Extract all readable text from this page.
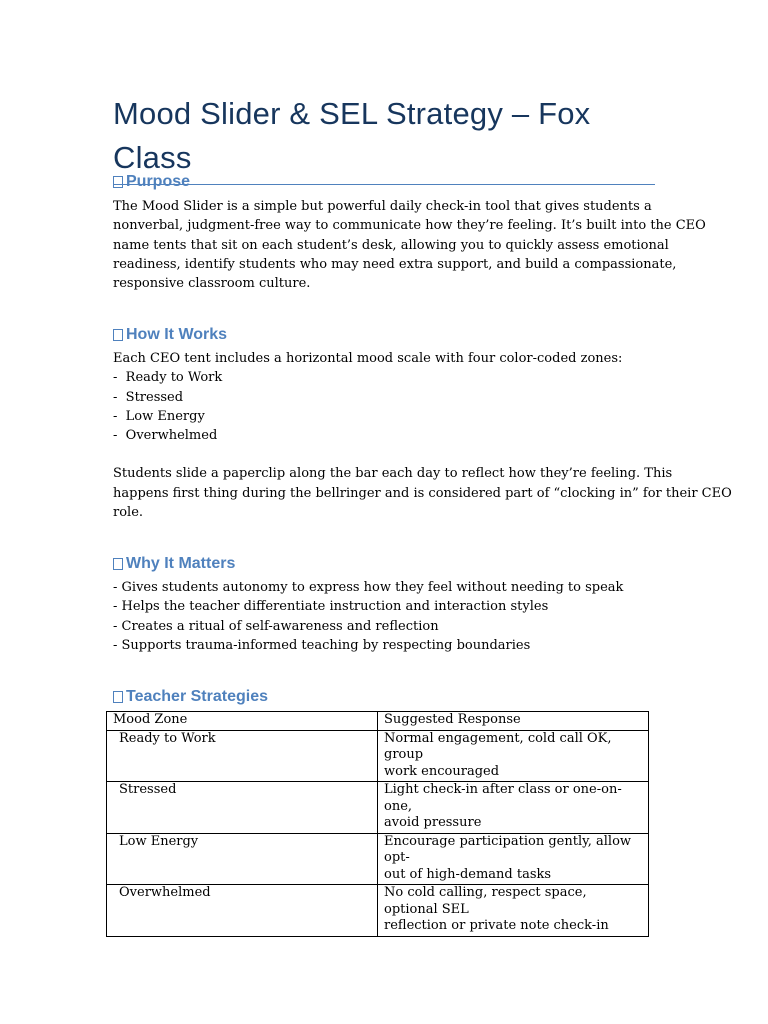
Mood Slider & SEL Strategy – Fox Class
Purpose

The Mood Slider is a simple but powerful daily check-in tool that gives students a

nonverbal, judgment-free way to communicate how they’re feeling. It’s built into the CEO

name tents that sit on each student’s desk, allowing you to quickly assess emotional

readiness, identify students who may need extra support, and build a compassionate,

responsive classroom culture.

How It Works

Each CEO tent includes a horizontal mood scale with four color-coded zones:

-  Ready to Work

-  Stressed

-  Low Energy

-  Overwhelmed

Students slide a paperclip along the bar each day to reflect how they’re feeling. This

happens first thing during the bellringer and is considered part of “clocking in” for their CEO

role.

Why It Matters

- Gives students autonomy to express how they feel without needing to speak

- Helps the teacher differentiate instruction and interaction styles

- Creates a ritual of self-awareness and reflection

- Supports trauma-informed teaching by respecting boundaries

Teacher Strategies
Mood Zone	Suggested Response
Ready to Work	Normal engagement, cold call OK, group
work encouraged

Stressed	Light check-in after class or one-on-one,
avoid pressure

Low Energy	Encourage participation gently, allow opt-
out of high-demand tasks

Overwhelmed	No cold calling, respect space, optional SEL
reflection or private note check-in
